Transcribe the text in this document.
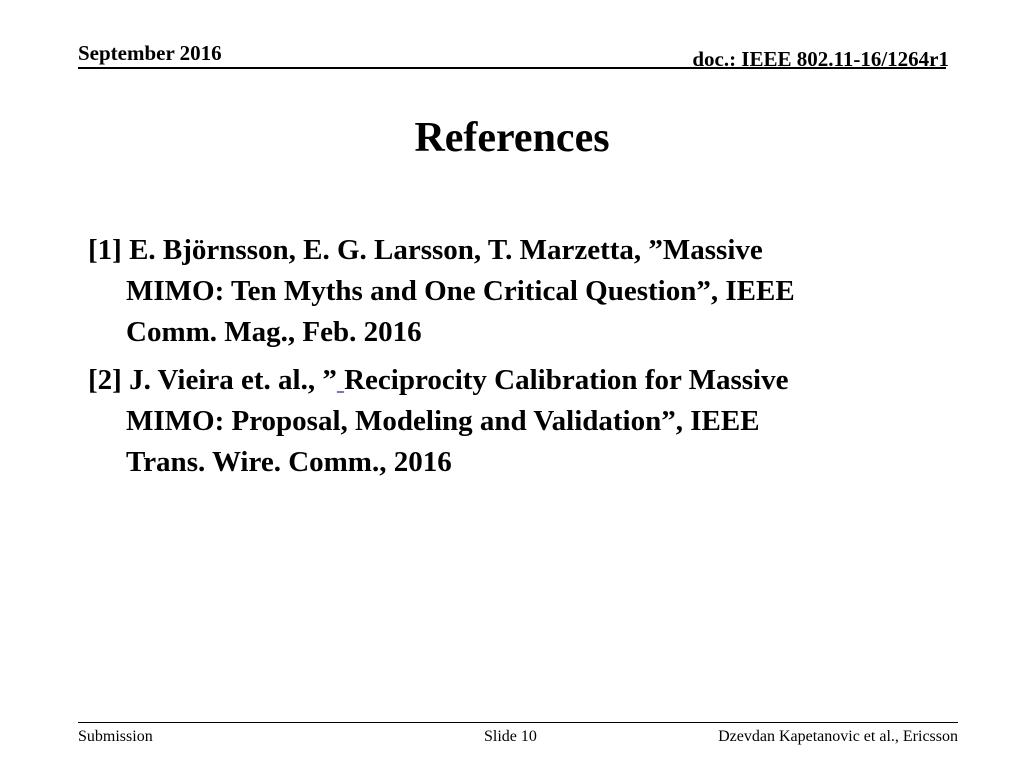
September 2016	doc.: IEEE 802.11-16/1264r1
References
[1] E. Björnsson, E. G. Larsson, T. Marzetta, ”Massive
MIMO: Ten Myths and One Critical Question”, IEEE
Comm. Mag., Feb. 2016
[2] J. Vieira et. al., ” Reciprocity Calibration for Massive
MIMO: Proposal, Modeling and Validation”, IEEE
Trans. Wire. Comm., 2016
Submission	Slide 10	Dzevdan Kapetanovic et al., Ericsson
